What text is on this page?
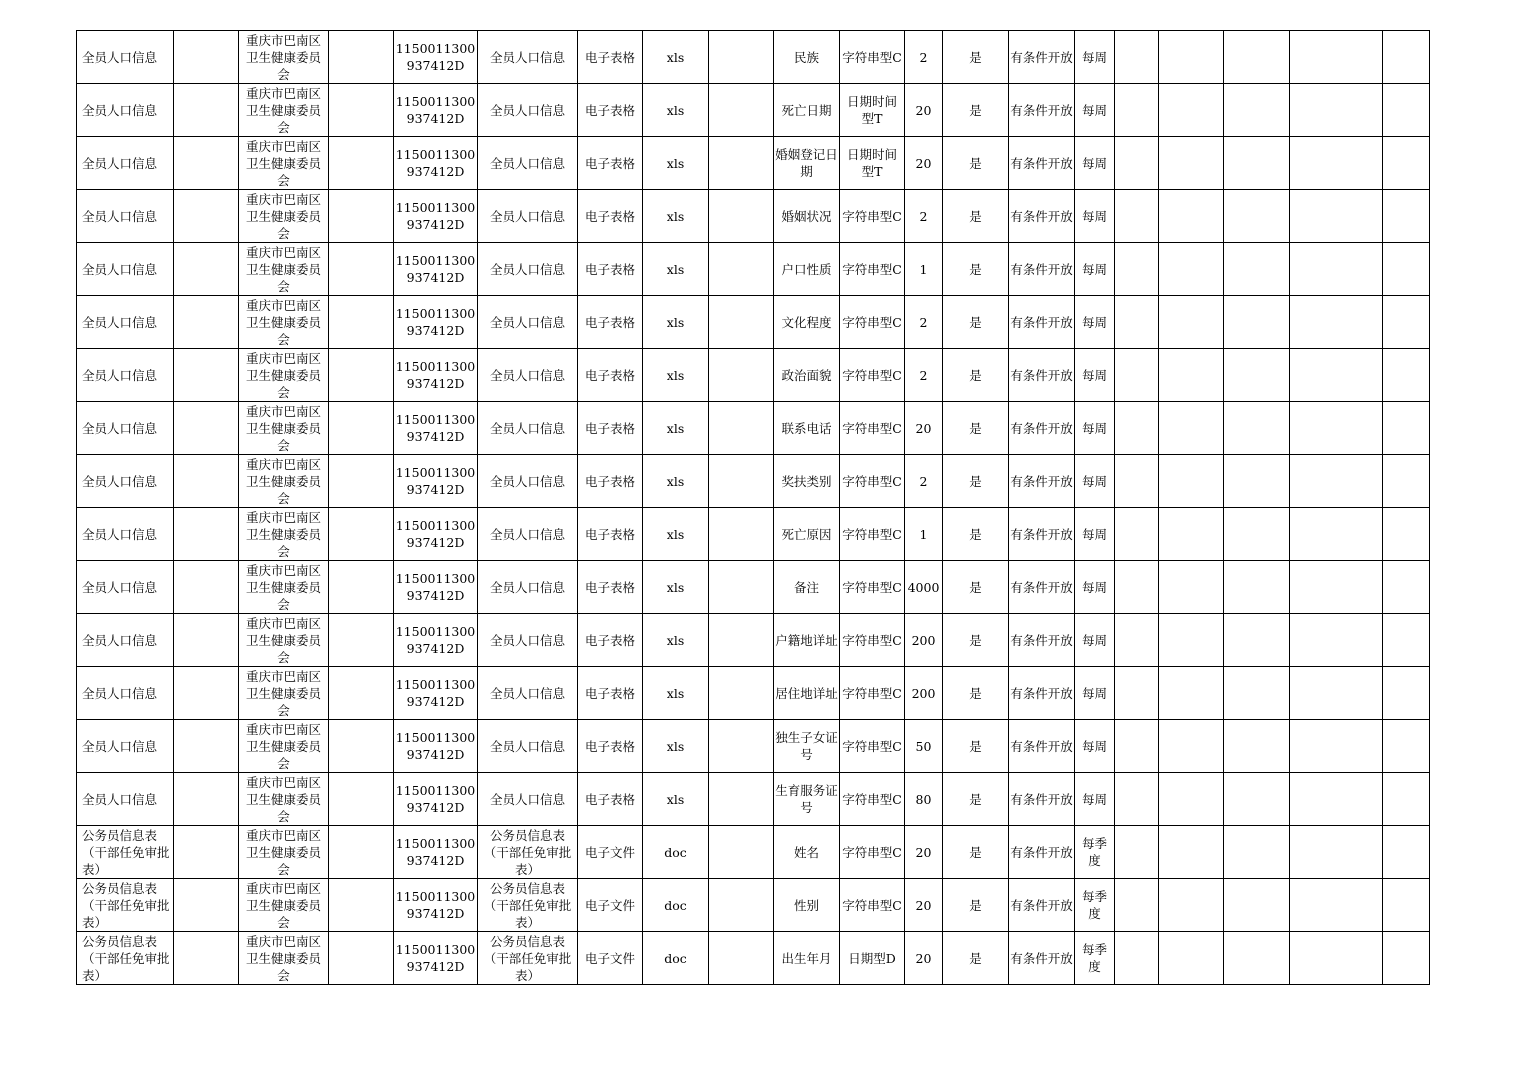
全员人口信息		重庆市巴南区卫生健康委员会		1150011300937412D	全员人口信息	电子表格	xls		民族	字符串型C	2	是	有条件开放	每周					
全员人口信息		重庆市巴南区卫生健康委员会		1150011300937412D	全员人口信息	电子表格	xls		死亡日期	日期时间型T	20	是	有条件开放	每周					
全员人口信息		重庆市巴南区卫生健康委员会		1150011300937412D	全员人口信息	电子表格	xls		婚姻登记日期	日期时间型T	20	是	有条件开放	每周					
全员人口信息		重庆市巴南区卫生健康委员会		1150011300937412D	全员人口信息	电子表格	xls		婚姻状况	字符串型C	2	是	有条件开放	每周					
全员人口信息		重庆市巴南区卫生健康委员会		1150011300937412D	全员人口信息	电子表格	xls		户口性质	字符串型C	1	是	有条件开放	每周					
全员人口信息		重庆市巴南区卫生健康委员会		1150011300937412D	全员人口信息	电子表格	xls		文化程度	字符串型C	2	是	有条件开放	每周					
全员人口信息		重庆市巴南区卫生健康委员会		1150011300937412D	全员人口信息	电子表格	xls		政治面貌	字符串型C	2	是	有条件开放	每周					
全员人口信息		重庆市巴南区卫生健康委员会		1150011300937412D	全员人口信息	电子表格	xls		联系电话	字符串型C	20	是	有条件开放	每周					
全员人口信息		重庆市巴南区卫生健康委员会		1150011300937412D	全员人口信息	电子表格	xls		奖扶类别	字符串型C	2	是	有条件开放	每周					
全员人口信息		重庆市巴南区卫生健康委员会		1150011300937412D	全员人口信息	电子表格	xls		死亡原因	字符串型C	1	是	有条件开放	每周					
全员人口信息		重庆市巴南区卫生健康委员会		1150011300937412D	全员人口信息	电子表格	xls		备注	字符串型C	4000	是	有条件开放	每周					
全员人口信息		重庆市巴南区卫生健康委员会		1150011300937412D	全员人口信息	电子表格	xls		户籍地详址	字符串型C	200	是	有条件开放	每周					
全员人口信息		重庆市巴南区卫生健康委员会		1150011300937412D	全员人口信息	电子表格	xls		居住地详址	字符串型C	200	是	有条件开放	每周					
全员人口信息		重庆市巴南区卫生健康委员会		1150011300937412D	全员人口信息	电子表格	xls		独生子女证号	字符串型C	50	是	有条件开放	每周					
全员人口信息		重庆市巴南区卫生健康委员会		1150011300937412D	全员人口信息	电子表格	xls		生育服务证号	字符串型C	80	是	有条件开放	每周					
公务员信息表（干部任免审批表）		重庆市巴南区卫生健康委员会		1150011300937412D	公务员信息表（干部任免审批表）	电子文件	doc		姓名	字符串型C	20	是	有条件开放	每季度					
公务员信息表（干部任免审批表）		重庆市巴南区卫生健康委员会		1150011300937412D	公务员信息表（干部任免审批表）	电子文件	doc		性别	字符串型C	20	是	有条件开放	每季度					
公务员信息表（干部任免审批表）		重庆市巴南区卫生健康委员会		1150011300937412D	公务员信息表（干部任免审批表）	电子文件	doc		出生年月	日期型D	20	是	有条件开放	每季度					
